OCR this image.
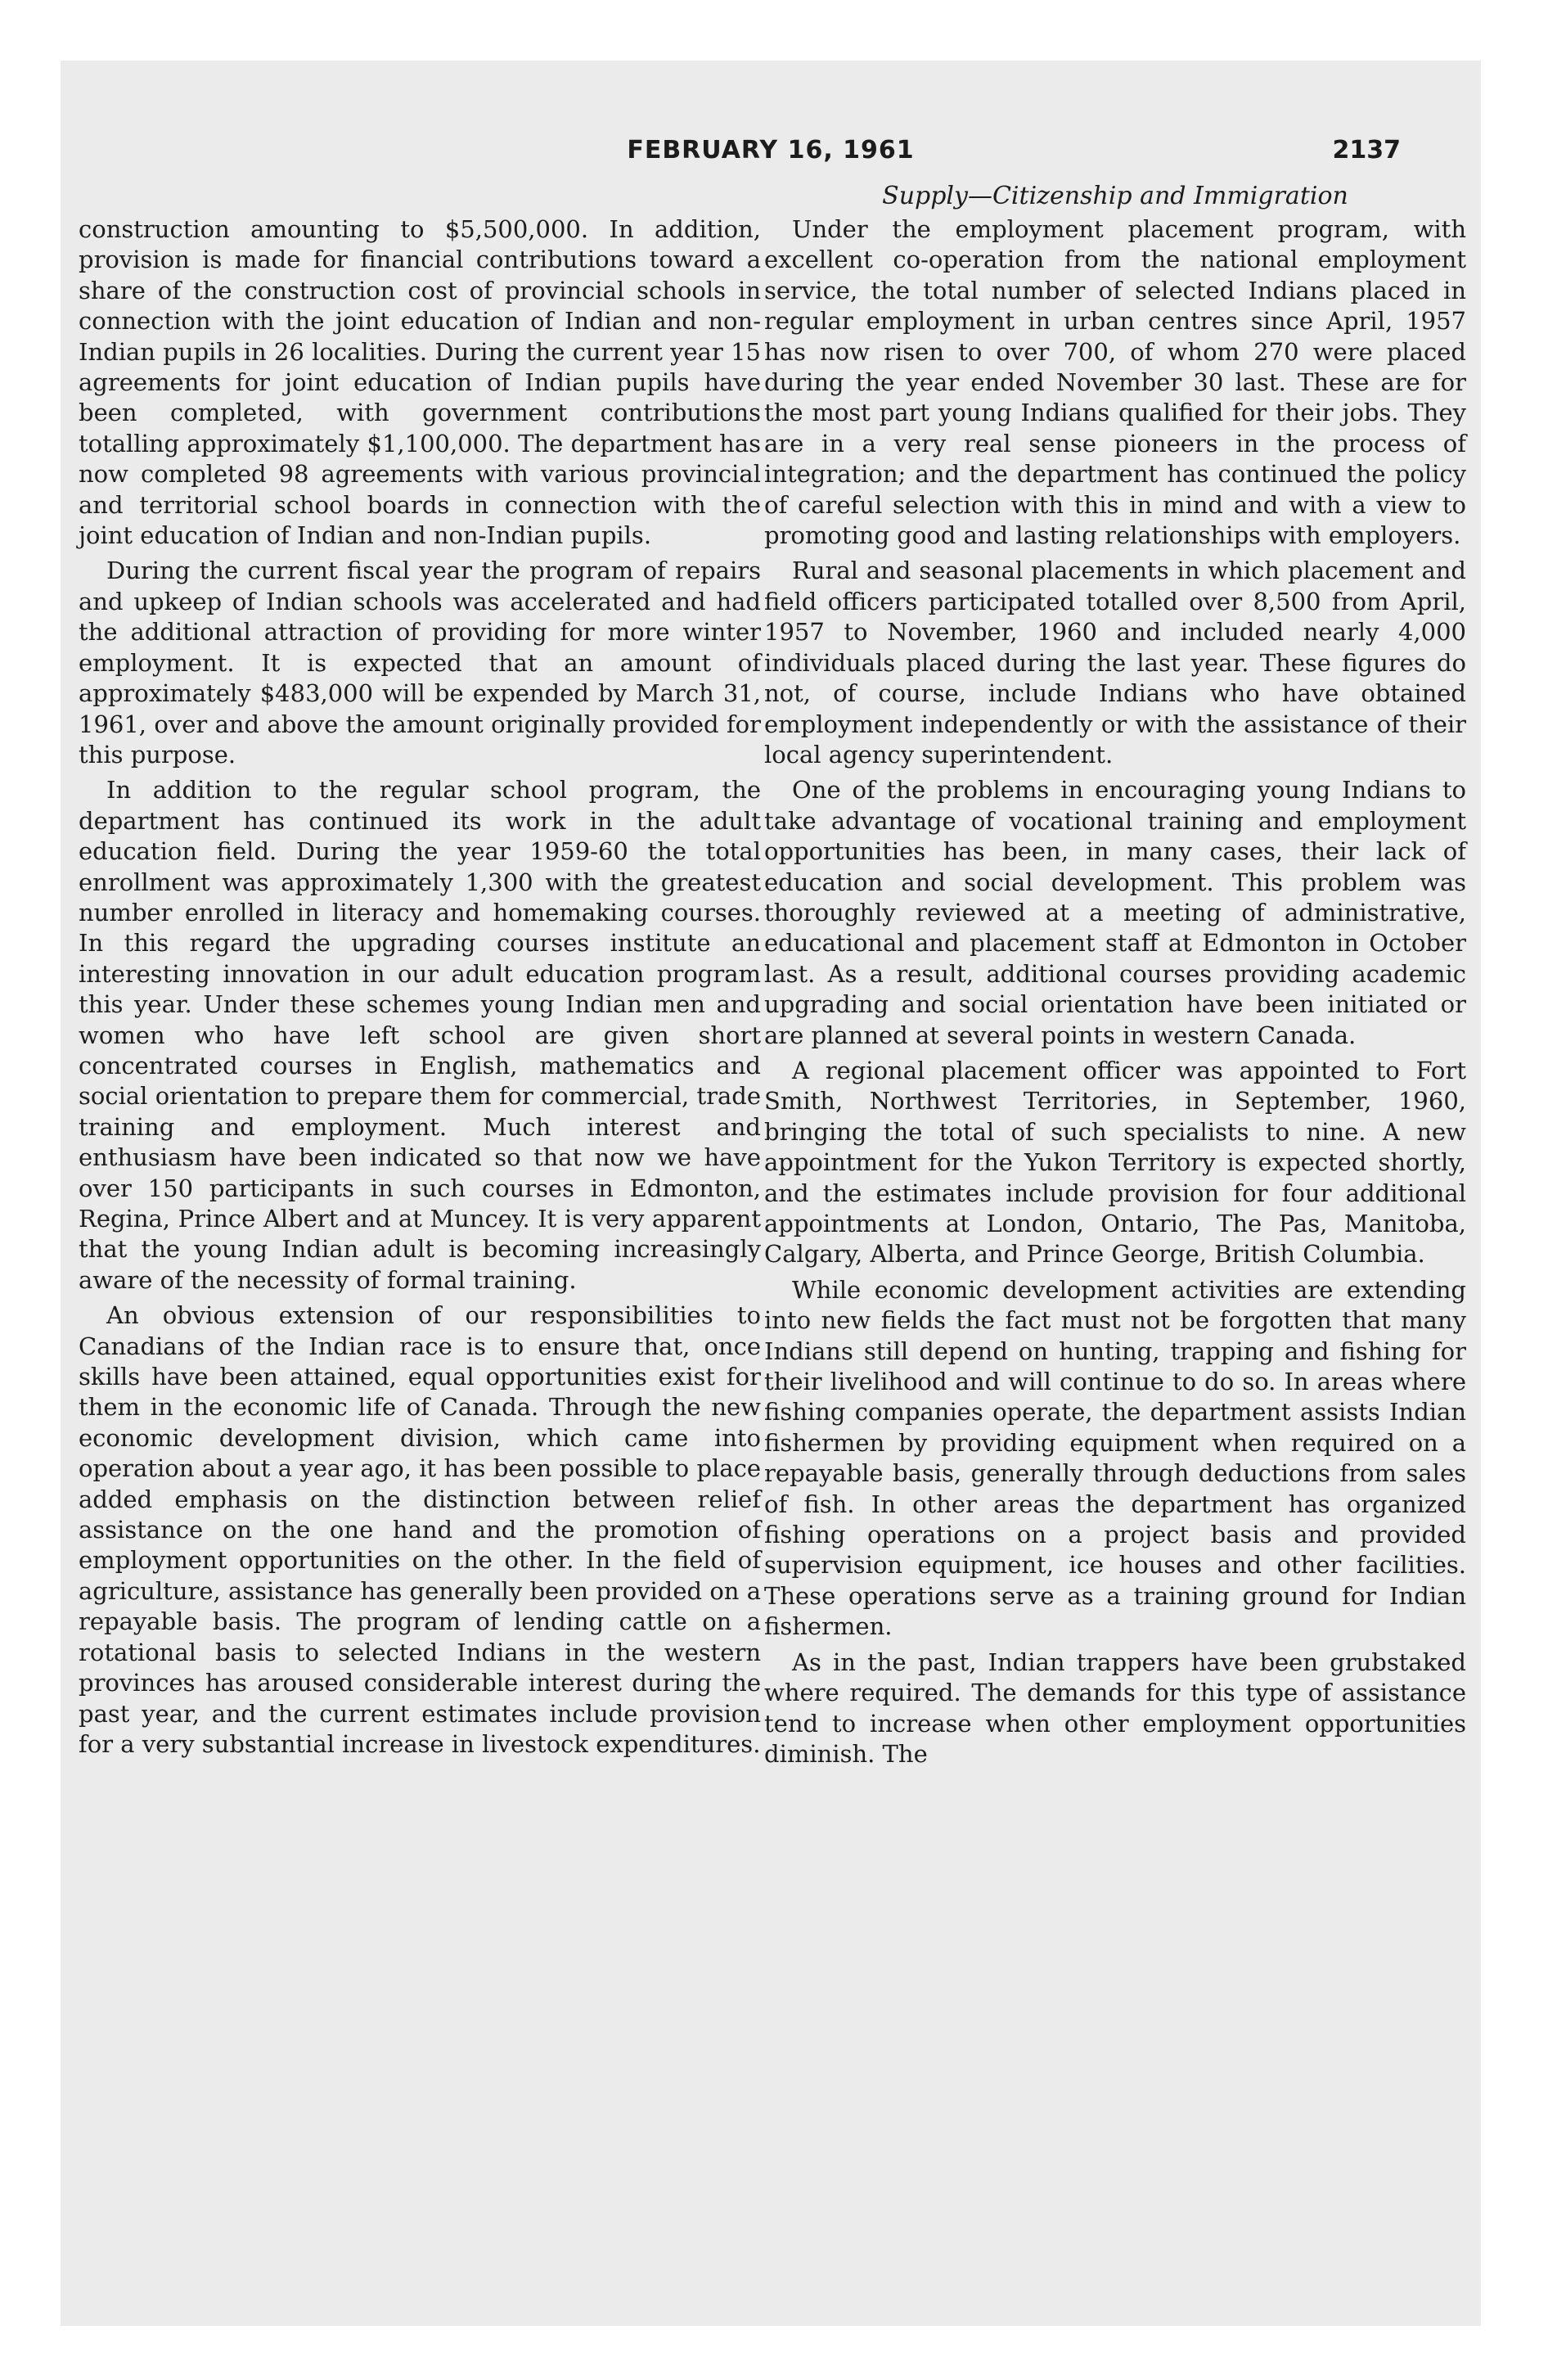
FEBRUARY 16, 1961	2137
Supply—Citizenship and Immigration

construction amounting to $5,500,000. In addition, provision is made for financial contributions toward a share of the construction cost of provincial schools in connection with the joint education of Indian and non-Indian pupils in 26 localities. During the current year 15 agreements for joint education of Indian pupils have been completed, with government contributions totalling approximately $1,100,000. The department has now completed 98 agreements with various provincial and territorial school boards in connection with the joint education of Indian and non-Indian pupils.

During the current fiscal year the program of repairs and upkeep of Indian schools was accelerated and had the additional attraction of providing for more winter employment. It is expected that an amount of approximately $483,000 will be expended by March 31, 1961, over and above the amount originally provided for this purpose.

In addition to the regular school program, the department has continued its work in the adult education field. During the year 1959-60 the total enrollment was approximately 1,300 with the greatest number enrolled in literacy and homemaking courses. In this regard the upgrading courses institute an interesting innovation in our adult education program this year. Under these schemes young Indian men and women who have left school are given short concentrated courses in English, mathematics and social orientation to prepare them for commercial, trade training and employment. Much interest and enthusiasm have been indicated so that now we have over 150 participants in such courses in Edmonton, Regina, Prince Albert and at Muncey. It is very apparent that the young Indian adult is becoming increasingly aware of the necessity of formal training.

An obvious extension of our responsibilities to Canadians of the Indian race is to ensure that, once skills have been attained, equal opportunities exist for them in the economic life of Canada. Through the new economic development division, which came into operation about a year ago, it has been possible to place added emphasis on the distinction between relief assistance on the one hand and the promotion of employment opportunities on the other. In the field of agriculture, assistance has generally been provided on a repayable basis. The program of lending cattle on a rotational basis to selected Indians in the western provinces has aroused considerable interest during the past year, and the current estimates include provision for a very substantial increase in livestock expenditures.

Under the employment placement program, with excellent co-operation from the national employment service, the total number of selected Indians placed in regular employment in urban centres since April, 1957 has now risen to over 700, of whom 270 were placed during the year ended November 30 last. These are for the most part young Indians qualified for their jobs. They are in a very real sense pioneers in the process of integration; and the department has continued the policy of careful selection with this in mind and with a view to promoting good and lasting relationships with employers.

Rural and seasonal placements in which placement and field officers participated totalled over 8,500 from April, 1957 to November, 1960 and included nearly 4,000 individuals placed during the last year. These figures do not, of course, include Indians who have obtained employment independently or with the assistance of their local agency superintendent.

One of the problems in encouraging young Indians to take advantage of vocational training and employment opportunities has been, in many cases, their lack of education and social development. This problem was thoroughly reviewed at a meeting of administrative, educational and placement staff at Edmonton in October last. As a result, additional courses providing academic upgrading and social orientation have been initiated or are planned at several points in western Canada.

A regional placement officer was appointed to Fort Smith, Northwest Territories, in September, 1960, bringing the total of such specialists to nine. A new appointment for the Yukon Territory is expected shortly, and the estimates include provision for four additional appointments at London, Ontario, The Pas, Manitoba, Calgary, Alberta, and Prince George, British Columbia.

While economic development activities are extending into new fields the fact must not be forgotten that many Indians still depend on hunting, trapping and fishing for their livelihood and will continue to do so. In areas where fishing companies operate, the department assists Indian fishermen by providing equipment when required on a repayable basis, generally through deductions from sales of fish. In other areas the department has organized fishing operations on a project basis and provided supervision equipment, ice houses and other facilities. These operations serve as a training ground for Indian fishermen.

As in the past, Indian trappers have been grubstaked where required. The demands for this type of assistance tend to increase when other employment opportunities diminish. The
